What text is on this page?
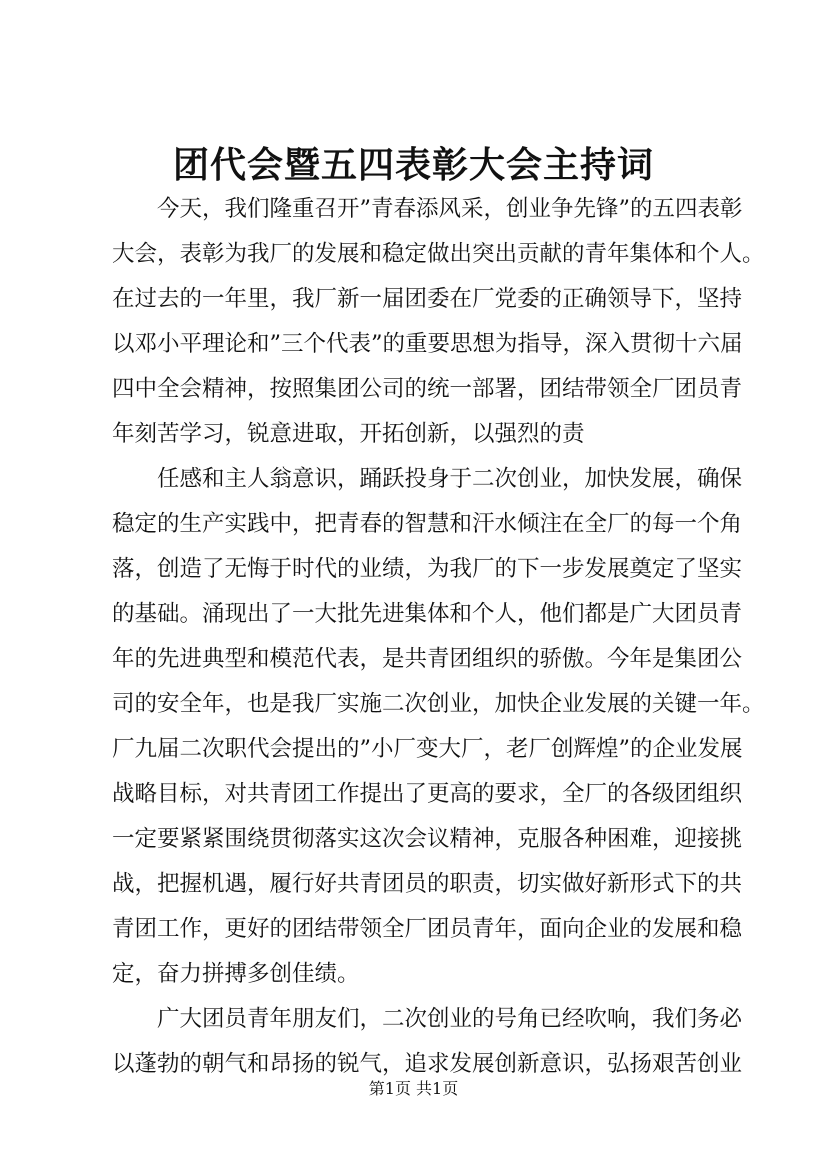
团代会暨五四表彰大会主持词
今天，我们隆重召开”青春添风采，创业争先锋”的五四表彰
大会，表彰为我厂的发展和稳定做出突出贡献的青年集体和个人。
在过去的一年里，我厂新一届团委在厂党委的正确领导下，坚持
以邓小平理论和”三个代表”的重要思想为指导，深入贯彻十六届
四中全会精神，按照集团公司的统一部署，团结带领全厂团员青
年刻苦学习，锐意进取，开拓创新，以强烈的责
任感和主人翁意识，踊跃投身于二次创业，加快发展，确保
稳定的生产实践中，把青春的智慧和汗水倾注在全厂的每一个角
落，创造了无悔于时代的业绩，为我厂的下一步发展奠定了坚实
的基础。涌现出了一大批先进集体和个人，他们都是广大团员青
年的先进典型和模范代表，是共青团组织的骄傲。今年是集团公
司的安全年，也是我厂实施二次创业，加快企业发展的关键一年。
厂九届二次职代会提出的”小厂变大厂，老厂创辉煌”的企业发展
战略目标，对共青团工作提出了更高的要求，全厂的各级团组织
一定要紧紧围绕贯彻落实这次会议精神，克服各种困难，迎接挑
战，把握机遇，履行好共青团员的职责，切实做好新形式下的共
青团工作，更好的团结带领全厂团员青年，面向企业的发展和稳
定，奋力拼搏多创佳绩。
广大团员青年朋友们，二次创业的号角已经吹响，我们务必
以蓬勃的朝气和昂扬的锐气，追求发展创新意识，弘扬艰苦创业
第1页 共1页
